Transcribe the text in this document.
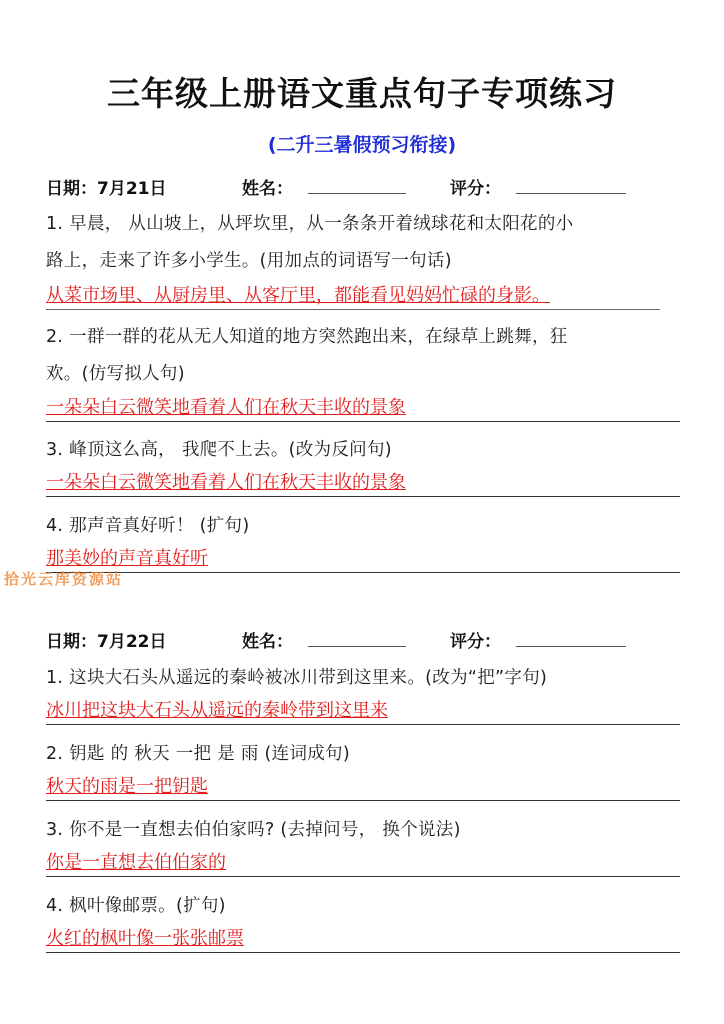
三年级上册语文重点句子专项练习
(二升三暑假预习衔接)
日期：7月21日	姓名：	评分：
1. 早晨， 从山坡上，从坪坎里，从一条条开着绒球花和太阳花的小
路上，走来了许多小学生。(用加点的词语写一句话)
从菜市场里、从厨房里、从客厅里，都能看见妈妈忙碌的身影。
2. 一群一群的花从无人知道的地方突然跑出来，在绿草上跳舞，狂
欢。(仿写拟人句)
一朵朵白云微笑地看着人们在秋天丰收的景象
3. 峰顶这么高， 我爬不上去。(改为反问句)
一朵朵白云微笑地看着人们在秋天丰收的景象
4. 那声音真好听！ (扩句)
那美妙的声音真好听
拾光云库资源站
日期：7月22日	姓名：	评分：
1. 这块大石头从遥远的秦岭被冰川带到这里来。(改为“把”字句)
冰川把这块大石头从遥远的秦岭带到这里来
2. 钥匙 的 秋天 一把 是 雨 (连词成句)
秋天的雨是一把钥匙
3. 你不是一直想去伯伯家吗? (去掉问号， 换个说法)
你是一直想去伯伯家的
4. 枫叶像邮票。(扩句)
火红的枫叶像一张张邮票
